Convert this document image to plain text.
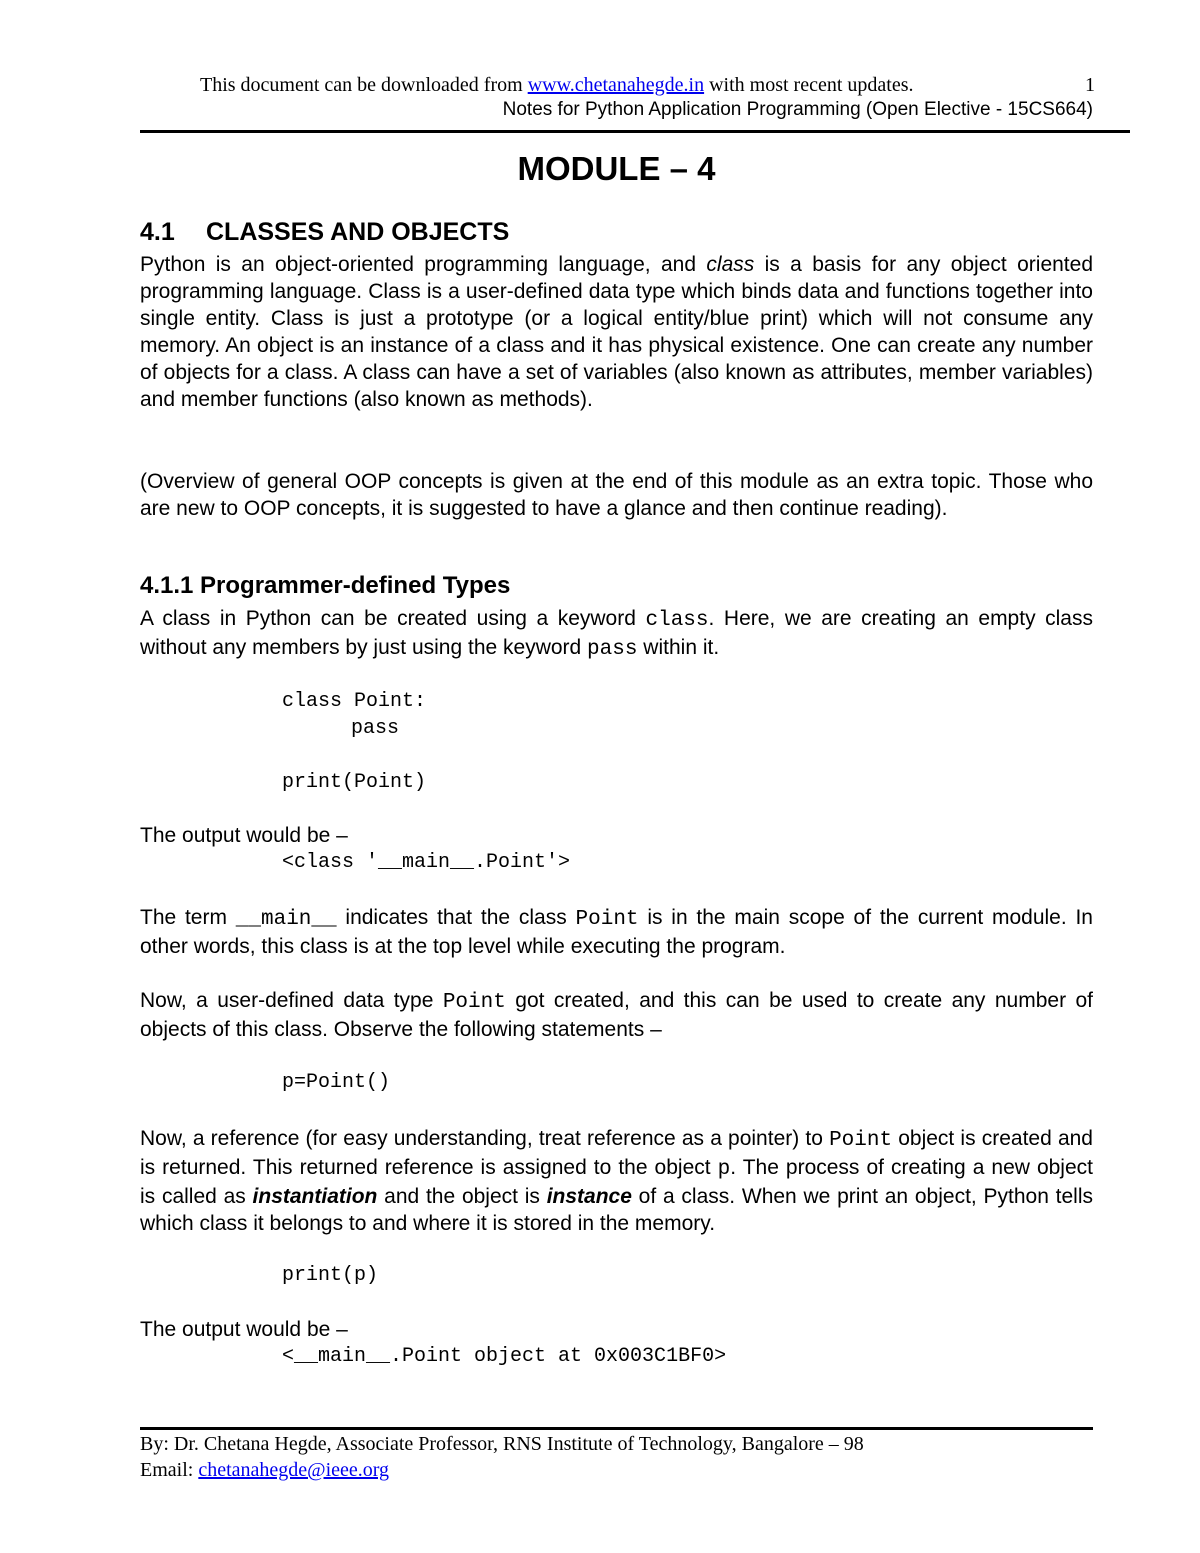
This document can be downloaded from www.chetanahegde.in with most recent updates.	1
Notes for Python Application Programming (Open Elective - 15CS664)
MODULE – 4
4.1 CLASSES AND OBJECTS

Python is an object-oriented programming language, and class is a basis for any object oriented programming language. Class is a user-defined data type which binds data and functions together into single entity. Class is just a prototype (or a logical entity/blue print) which will not consume any memory. An object is an instance of a class and it has physical existence. One can create any number of objects for a class. A class can have a set of variables (also known as attributes, member variables) and member functions (also known as methods).

(Overview of general OOP concepts is given at the end of this module as an extra topic. Those who are new to OOP concepts, it is suggested to have a glance and then continue reading).

4.1.1 Programmer-defined Types

A class in Python can be created using a keyword class. Here, we are creating an empty class without any members by just using the keyword pass within it.

class Point:
pass
print(Point)
The output would be –
<class '__main__.Point'>

The term __main__ indicates that the class Point is in the main scope of the current module. In other words, this class is at the top level while executing the program.

Now, a user-defined data type Point got created, and this can be used to create any number of objects of this class. Observe the following statements –

p=Point()

Now, a reference (for easy understanding, treat reference as a pointer) to Point object is created and is returned. This returned reference is assigned to the object p. The process of creating a new object is called as instantiation and the object is instance of a class. When we print an object, Python tells which class it belongs to and where it is stored in the memory.

print(p)
The output would be –
<__main__.Point object at 0x003C1BF0>
By: Dr. Chetana Hegde, Associate Professor, RNS Institute of Technology, Bangalore – 98
Email: chetanahegde@ieee.org
